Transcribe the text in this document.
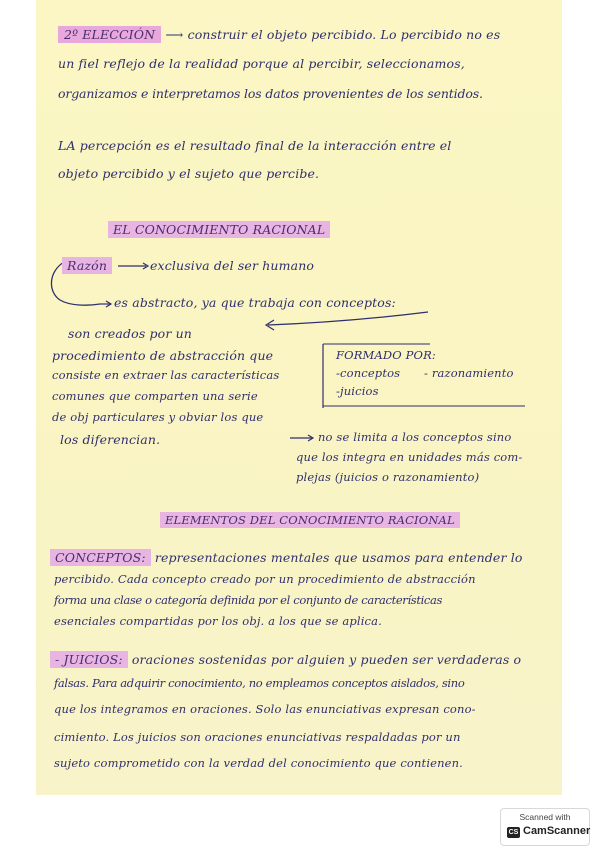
2º ELECCIÓN ⟶ construir el objeto percibido. Lo percibido no es

un fiel reflejo de la realidad porque al percibir, seleccionamos,

organizamos e interpretamos los datos provenientes de los sentidos.

LA percepción es el resultado final de la interacción entre el

objeto percibido y el sujeto que percibe.

EL CONOCIMIENTO RACIONAL

Razón	exclusiva del ser humano

es abstracto, ya que trabaja con conceptos:

son creados por un

procedimiento de abstracción que

consiste en extraer las características

comunes que comparten una serie

de obj particulares y obviar los que

los diferencian.

FORMADO POR:

-conceptos - razonamiento

-juicios

no se limita a los conceptos sino

que los integra en unidades más com-

plejas (juicios o razonamiento)

ELEMENTOS DEL CONOCIMIENTO RACIONAL

CONCEPTOS: representaciones mentales que usamos para entender lo

percibido. Cada concepto creado por un procedimiento de abstracción

forma una clase o categoría definida por el conjunto de características

esenciales compartidas por los obj. a los que se aplica.

- JUICIOS: oraciones sostenidas por alguien y pueden ser verdaderas o

falsas. Para adquirir conocimiento, no empleamos conceptos aislados, sino

que los integramos en oraciones. Solo las enunciativas expresan cono-

cimiento. Los juicios son oraciones enunciativas respaldadas por un

sujeto comprometido con la verdad del conocimiento que contienen.

Scanned with
CS CamScanner
